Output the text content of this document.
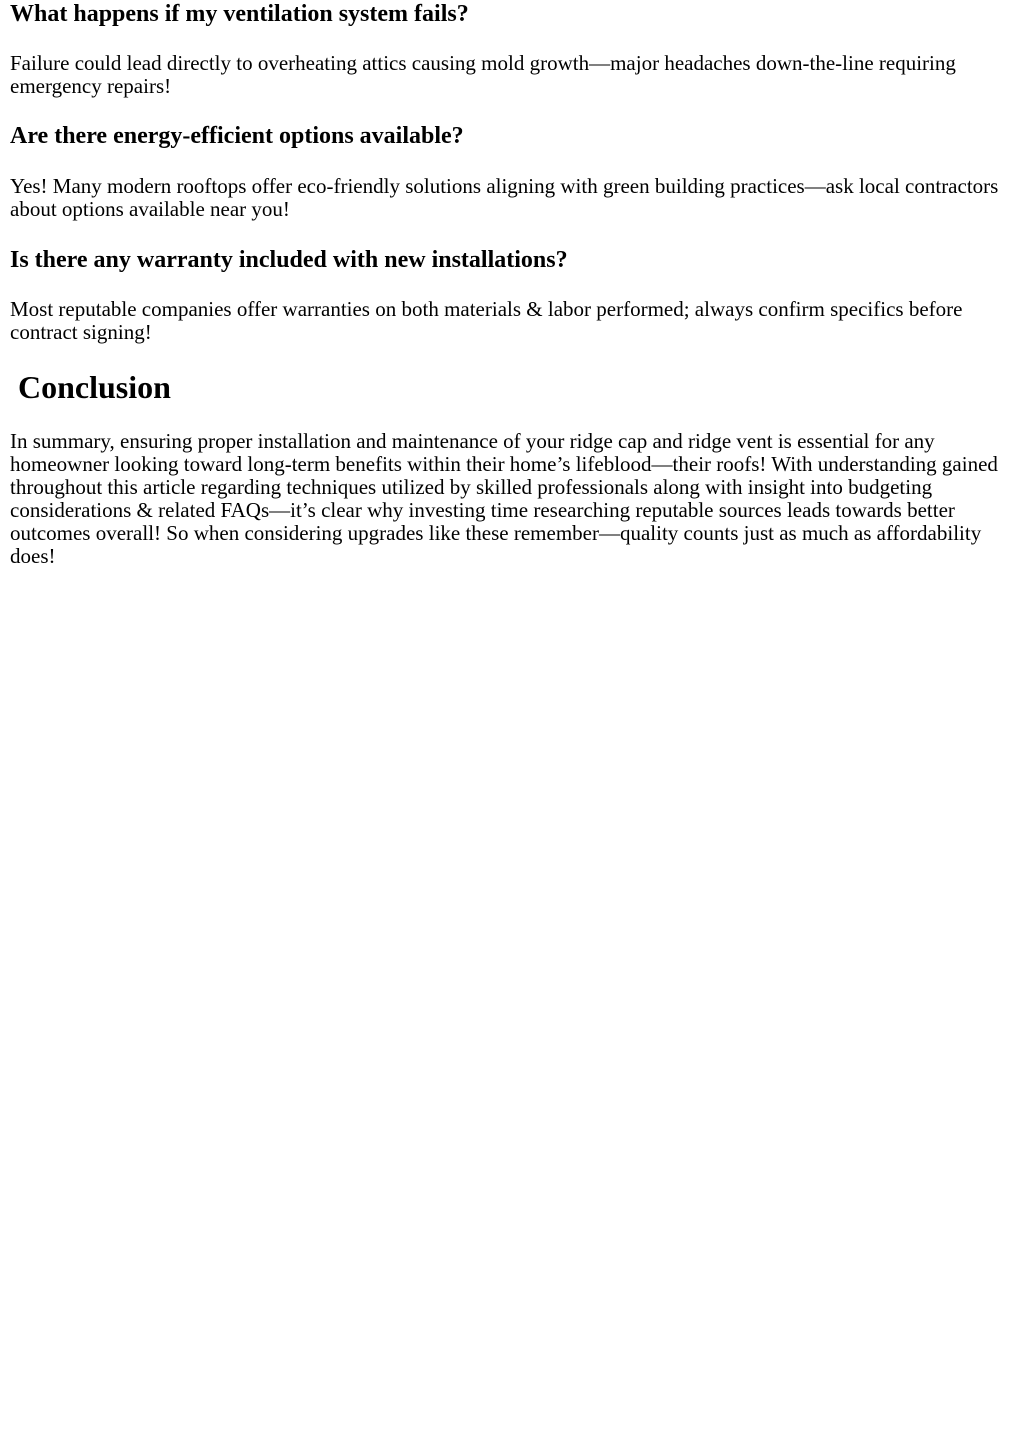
What happens if my ventilation system fails?

Failure could lead directly to overheating attics causing mold growth—major headaches down-the-line requiring emergency repairs!

Are there energy-efficient options available?

Yes! Many modern rooftops offer eco-friendly solutions aligning with green building practices—ask local contractors about options available near you!

Is there any warranty included with new installations?

Most reputable companies offer warranties on both materials & labor performed; always confirm specifics before contract signing!

Conclusion

In summary, ensuring proper installation and maintenance of your ridge cap and ridge vent is essential for any homeowner looking toward long-term benefits within their home’s lifeblood—their roofs! With understanding gained throughout this article regarding techniques utilized by skilled professionals along with insight into budgeting considerations & related FAQs—it’s clear why investing time researching reputable sources leads towards better outcomes overall! So when considering upgrades like these remember—quality counts just as much as affordability does!
